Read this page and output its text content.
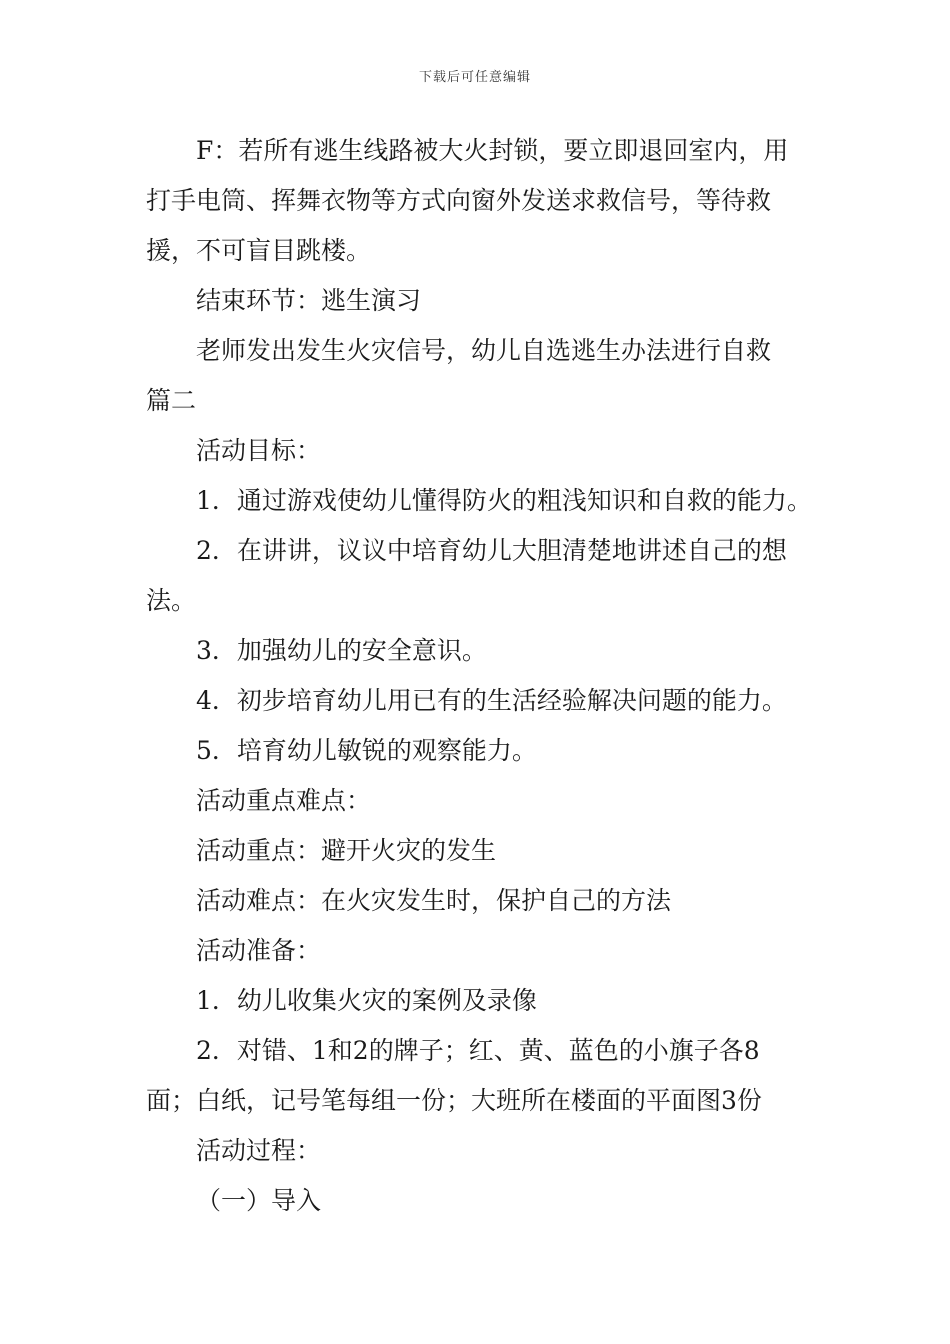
下载后可任意编辑

F：若所有逃生线路被大火封锁，要立即退回室内，用

打手电筒、挥舞衣物等方式向窗外发送求救信号，等待救
援，不可盲目跳楼。

结束环节：逃生演习

老师发出发生火灾信号，幼儿自选逃生办法进行自救

篇二

活动目标：

1．通过游戏使幼儿懂得防火的粗浅知识和自救的能力。

2．在讲讲，议议中培育幼儿大胆清楚地讲述自己的想

法。

3．加强幼儿的安全意识。

4．初步培育幼儿用已有的生活经验解决问题的能力。

5．培育幼儿敏锐的观察能力。

活动重点难点：

活动重点：避开火灾的发生

活动难点：在火灾发生时，保护自己的方法

活动准备：

1．幼儿收集火灾的案例及录像

2．对错、1和2的牌子；红、黄、蓝色的小旗子各8

面；白纸，记号笔每组一份；大班所在楼面的平面图3份

活动过程：

（一）导入
